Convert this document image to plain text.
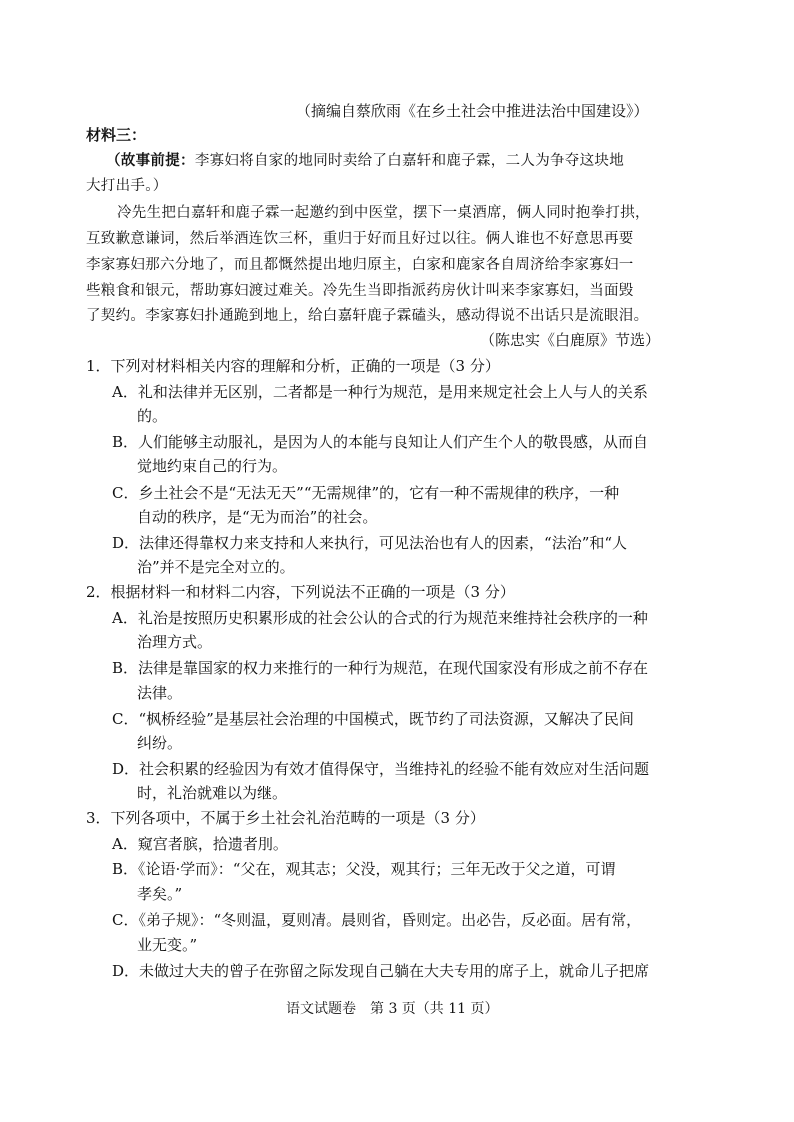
（摘编自蔡欣雨《在乡土社会中推进法治中国建设》）
材料三：
（故事前提：李寡妇将自家的地同时卖给了白嘉轩和鹿子霖，二人为争夺这块地
大打出手。）
冷先生把白嘉轩和鹿子霖一起邀约到中医堂，摆下一桌酒席，俩人同时抱拳打拱，
互致歉意谦词，然后举酒连饮三杯，重归于好而且好过以往。俩人谁也不好意思再要
李家寡妇那六分地了，而且都慨然提出地归原主，白家和鹿家各自周济给李家寡妇一
些粮食和银元，帮助寡妇渡过难关。冷先生当即指派药房伙计叫来李家寡妇，当面毁
了契约。李家寡妇扑通跪到地上，给白嘉轩鹿子霖磕头，感动得说不出话只是流眼泪。
（陈忠实《白鹿原》节选）
1．下列对材料相关内容的理解和分析，正确的一项是（3 分）
A．礼和法律并无区别，二者都是一种行为规范，是用来规定社会上人与人的关系
的。
B．人们能够主动服礼，是因为人的本能与良知让人们产生个人的敬畏感，从而自
觉地约束自己的行为。
C．乡土社会不是“无法无天”“无需规律”的，它有一种不需规律的秩序，一种
自动的秩序，是“无为而治”的社会。
D．法律还得靠权力来支持和人来执行，可见法治也有人的因素，“法治”和“人
治”并不是完全对立的。
2．根据材料一和材料二内容，下列说法不正确的一项是（3 分）
A．礼治是按照历史积累形成的社会公认的合式的行为规范来维持社会秩序的一种
治理方式。
B．法律是靠国家的权力来推行的一种行为规范，在现代国家没有形成之前不存在
法律。
C．“枫桥经验”是基层社会治理的中国模式，既节约了司法资源，又解决了民间
纠纷。
D．社会积累的经验因为有效才值得保守，当维持礼的经验不能有效应对生活问题
时，礼治就难以为继。
3．下列各项中，不属于乡土社会礼治范畴的一项是（3 分）
A．窥宫者膑，拾遗者刖。
B．《论语·学而》：“父在，观其志；父没，观其行；三年无改于父之道，可谓
孝矣。”
C．《弟子规》：“冬则温，夏则凊。晨则省，昏则定。出必告，反必面。居有常，
业无变。”
D．未做过大夫的曾子在弥留之际发现自己躺在大夫专用的席子上，就命儿子把席
语文试题卷　第 3 页（共 11 页）
